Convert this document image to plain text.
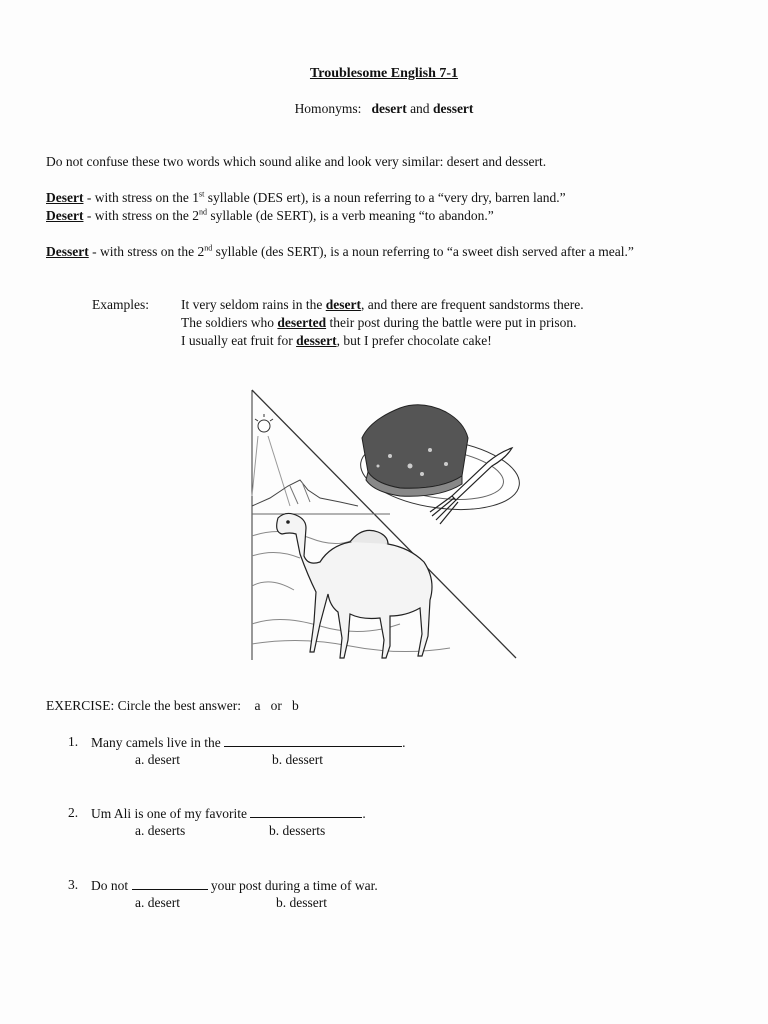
Troublesome English 7-1
Homonyms: desert and dessert
Do not confuse these two words which sound alike and look very similar: desert and dessert.
Desert - with stress on the 1st syllable (DES ert), is a noun referring to a “very dry, barren land.”
Desert - with stress on the 2nd syllable (de SERT), is a verb meaning “to abandon.”
Dessert - with stress on the 2nd syllable (des SERT), is a noun referring to “a sweet dish served after a meal.”
Examples: It very seldom rains in the desert, and there are frequent sandstorms there.
The soldiers who deserted their post during the battle were put in prison.
I usually eat fruit for dessert, but I prefer chocolate cake!
EXERCISE: Circle the best answer: a   or   b
1. Many camels live in the	.
a. desert	b. dessert
2. Um Ali is one of my favorite	.
a. deserts	b. desserts
3. Do not	your post during a time of war.
a. desert	b. dessert
